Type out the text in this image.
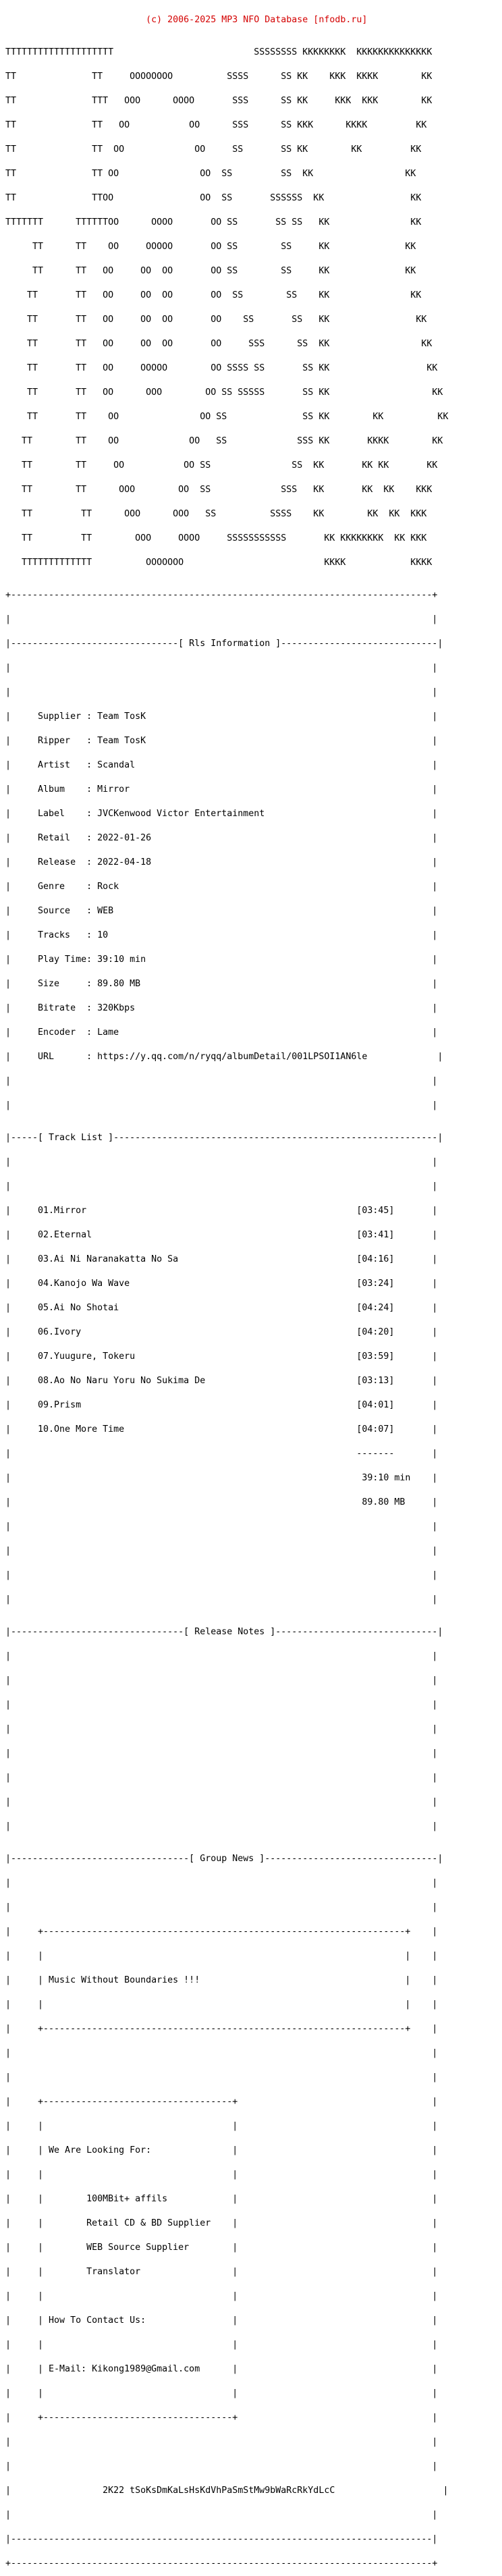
(c) 2006-2025 MP3 NFO Database [nfodb.ru]

TTTTTTTTTTTTTTTTTTTT                          SSSSSSSS KKKKKKKK  KKKKKKKKKKKKKK

TT              TT     OOOOOOOO          SSSS      SS KK    KKK  KKKK        KK

TT              TTT   OOO      OOOO       SSS      SS KK     KKK  KKK        KK

TT              TT   OO           OO      SSS      SS KKK      KKKK         KK

TT              TT  OO             OO     SS       SS KK        KK         KK

TT              TT OO               OO  SS         SS  KK                 KK

TT              TTOO                OO  SS       SSSSSS  KK                KK

TTTTTTT      TTTTTTOO      OOOO       OO SS       SS SS   KK               KK

TT      TT    OO     OOOOO       OO SS        SS     KK              KK

TT      TT   OO     OO  OO       OO SS        SS     KK              KK

TT       TT   OO     OO  OO       OO  SS        SS    KK               KK

TT       TT   OO     OO  OO       OO    SS       SS   KK                KK

TT       TT   OO     OO  OO       OO     SSS      SS  KK                 KK

TT       TT   OO     OOOOO        OO SSSS SS       SS KK                  KK

TT       TT   OO      OOO        OO SS SSSSS       SS KK                   KK

TT       TT    OO               OO SS              SS KK        KK          KK

TT        TT    OO             OO   SS             SSS KK       KKKK        KK

TT        TT     OO           OO SS               SS  KK       KK KK       KK

TT        TT      OOO        OO  SS             SSS   KK       KK  KK    KKK

TT         TT      OOO      OOO   SS          SSSS    KK        KK  KK  KKK

TT         TT        OOO     OOOO     SSSSSSSSSSS       KK KKKKKKKK  KK KKK

TTTTTTTTTTTTT          OOOOOOO                          KKKK            KKKK

+------------------------------------------------------------------------------+

|                                                                              |

|-------------------------------[ Rls Information ]-----------------------------|

|                                                                              |

|                                                                              |

|     Supplier : Team TosK                                                     |

|     Ripper   : Team TosK                                                     |

|     Artist   : Scandal                                                       |

|     Album    : Mirror                                                        |

|     Label    : JVCKenwood Victor Entertainment                               |

|     Retail   : 2022-01-26                                                    |

|     Release  : 2022-04-18                                                    |

|     Genre    : Rock                                                          |

|     Source   : WEB                                                           |

|     Tracks   : 10                                                            |

|     Play Time: 39:10 min                                                     |

|     Size     : 89.80 MB                                                      |

|     Bitrate  : 320Kbps                                                       |

|     Encoder  : Lame                                                          |

|     URL      : https://y.qq.com/n/ryqq/albumDetail/001LPSOI1AN6le             |

|                                                                              |

|                                                                              |

|-----[ Track List ]------------------------------------------------------------|

|                                                                              |

|                                                                              |

|     01.Mirror                                                  [03:45]       |

|     02.Eternal                                                 [03:41]       |

|     03.Ai Ni Naranakatta No Sa                                 [04:16]       |

|     04.Kanojo Wa Wave                                          [03:24]       |

|     05.Ai No Shotai                                            [04:24]       |

|     06.Ivory                                                   [04:20]       |

|     07.Yuugure, Tokeru                                         [03:59]       |

|     08.Ao No Naru Yoru No Sukima De                            [03:13]       |

|     09.Prism                                                   [04:01]       |

|     10.One More Time                                           [04:07]       |

|                                                                -------       |

|                                                                 39:10 min    |

|                                                                 89.80 MB     |

|                                                                              |

|                                                                              |

|                                                                              |

|                                                                              |

|--------------------------------[ Release Notes ]------------------------------|

|                                                                              |

|                                                                              |

|                                                                              |

|                                                                              |

|                                                                              |

|                                                                              |

|                                                                              |

|                                                                              |

|---------------------------------[ Group News ]--------------------------------|

|                                                                              |

|                                                                              |

|     +-------------------------------------------------------------------+    |

|     |                                                                   |    |

|     | Music Without Boundaries !!!                                      |    |

|     |                                                                   |    |

|     +-------------------------------------------------------------------+    |

|                                                                              |

|                                                                              |

|     +-----------------------------------+                                    |

|     |                                   |                                    |

|     | We Are Looking For:               |                                    |

|     |                                   |                                    |

|     |        100MBit+ affils            |                                    |

|     |        Retail CD & BD Supplier    |                                    |

|     |        WEB Source Supplier        |                                    |

|     |        Translator                 |                                    |

|     |                                   |                                    |

|     | How To Contact Us:                |                                    |

|     |                                   |                                    |

|     | E-Mail: Kikong1989@Gmail.com      |                                    |

|     |                                   |                                    |

|     +-----------------------------------+                                    |

|                                                                              |

|                                                                              |

|                 2K22 tSoKsDmKaLsHsKdVhPaSmStMw9bWaRcRkYdLcC                    |

|                                                                              |

|------------------------------------------------------------------------------|

+------------------------------------------------------------------------------+
